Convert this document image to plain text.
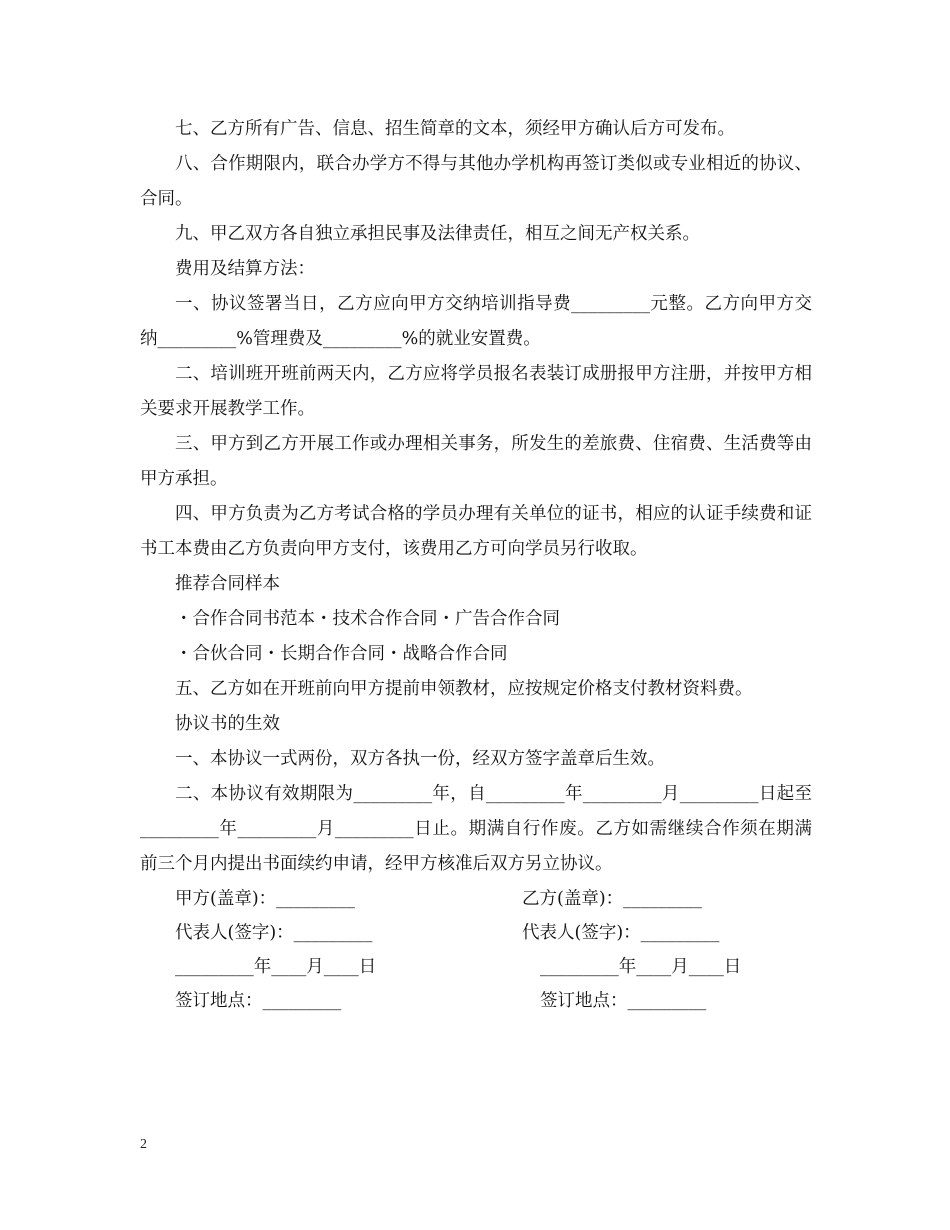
七、乙方所有广告、信息、招生简章的文本，须经甲方确认后方可发布。

八、合作期限内，联合办学方不得与其他办学机构再签订类似或专业相近的协议、合同。

九、甲乙双方各自独立承担民事及法律责任，相互之间无产权关系。

费用及结算方法：

一、协议签署当日，乙方应向甲方交纳培训指导费_________元整。乙方向甲方交纳_________%管理费及_________%的就业安置费。

二、培训班开班前两天内，乙方应将学员报名表装订成册报甲方注册，并按甲方相关要求开展教学工作。

三、甲方到乙方开展工作或办理相关事务，所发生的差旅费、住宿费、生活费等由甲方承担。

四、甲方负责为乙方考试合格的学员办理有关单位的证书，相应的认证手续费和证书工本费由乙方负责向甲方支付，该费用乙方可向学员另行收取。

推荐合同样本

・合作合同书范本・技术合作合同・广告合作合同

・合伙合同・长期合作合同・战略合作合同

五、乙方如在开班前向甲方提前申领教材，应按规定价格支付教材资料费。

协议书的生效

一、本协议一式两份，双方各执一份，经双方签字盖章后生效。

二、本协议有效期限为_________年，自_________年_________月_________日起至_________年_________月_________日止。期满自行作废。乙方如需继续合作须在期满前三个月内提出书面续约申请，经甲方核准后双方另立协议。

甲方(盖章)：_________	乙方(盖章)：_________
代表人(签字)：_________	代表人(签字)：_________
_________年____月____日	_________年____月____日
签订地点：_________	签订地点：_________
2
